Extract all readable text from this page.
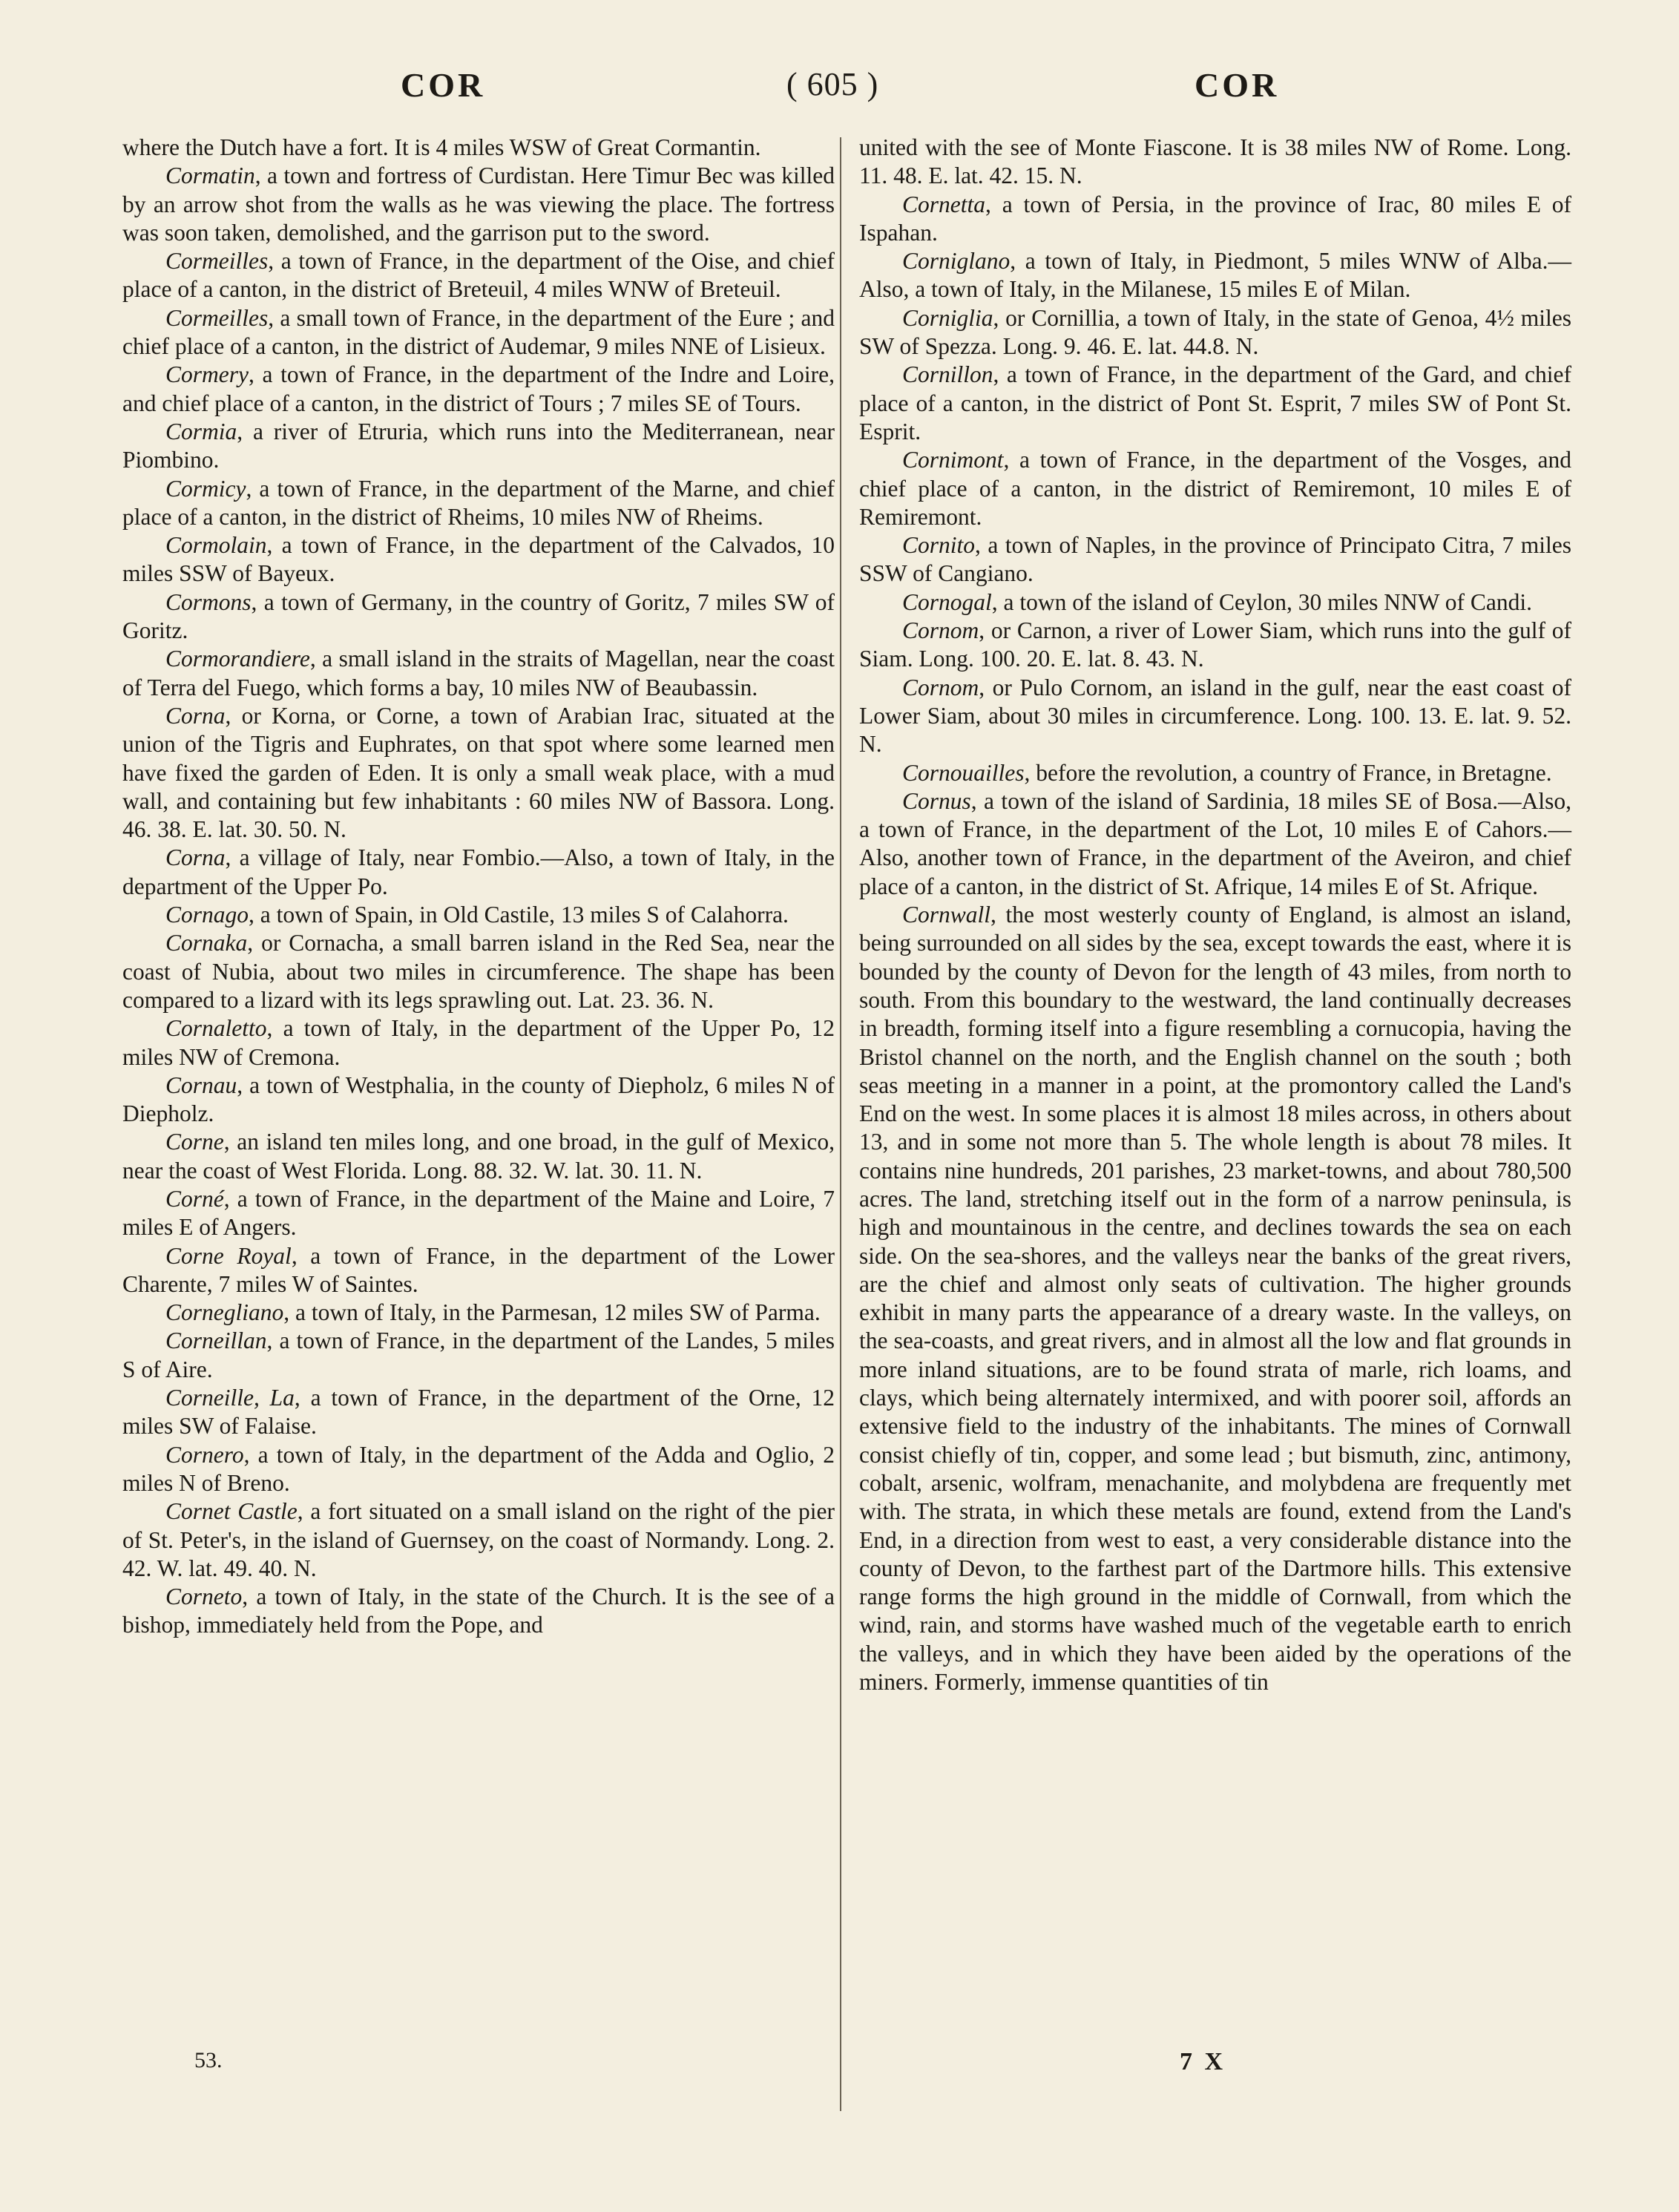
COR	( 605 )	COR

where the Dutch have a fort. It is 4 miles WSW of Great Cormantin.

Cormatin, a town and fortress of Curdistan. Here Timur Bec was killed by an arrow shot from the walls as he was viewing the place. The fortress was soon taken, demolished, and the garrison put to the sword.

Cormeilles, a town of France, in the department of the Oise, and chief place of a canton, in the district of Breteuil, 4 miles WNW of Breteuil.

Cormeilles, a small town of France, in the department of the Eure ; and chief place of a canton, in the district of Audemar, 9 miles NNE of Lisieux.

Cormery, a town of France, in the department of the Indre and Loire, and chief place of a canton, in the district of Tours ; 7 miles SE of Tours.

Cormia, a river of Etruria, which runs into the Mediterranean, near Piombino.

Cormicy, a town of France, in the department of the Marne, and chief place of a canton, in the district of Rheims, 10 miles NW of Rheims.

Cormolain, a town of France, in the department of the Calvados, 10 miles SSW of Bayeux.

Cormons, a town of Germany, in the country of Goritz, 7 miles SW of Goritz.

Cormorandiere, a small island in the straits of Magellan, near the coast of Terra del Fuego, which forms a bay, 10 miles NW of Beaubassin.

Corna, or Korna, or Corne, a town of Arabian Irac, situated at the union of the Tigris and Euphrates, on that spot where some learned men have fixed the garden of Eden. It is only a small weak place, with a mud wall, and containing but few inhabitants : 60 miles NW of Bassora. Long. 46. 38. E. lat. 30. 50. N.

Corna, a village of Italy, near Fombio.—Also, a town of Italy, in the department of the Upper Po.

Cornago, a town of Spain, in Old Castile, 13 miles S of Calahorra.

Cornaka, or Cornacha, a small barren island in the Red Sea, near the coast of Nubia, about two miles in circumference. The shape has been compared to a lizard with its legs sprawling out. Lat. 23. 36. N.

Cornaletto, a town of Italy, in the department of the Upper Po, 12 miles NW of Cremona.

Cornau, a town of Westphalia, in the county of Diepholz, 6 miles N of Diepholz.

Corne, an island ten miles long, and one broad, in the gulf of Mexico, near the coast of West Florida. Long. 88. 32. W. lat. 30. 11. N.

Corné, a town of France, in the department of the Maine and Loire, 7 miles E of Angers.

Corne Royal, a town of France, in the department of the Lower Charente, 7 miles W of Saintes.

Cornegliano, a town of Italy, in the Parmesan, 12 miles SW of Parma.

Corneillan, a town of France, in the department of the Landes, 5 miles S of Aire.

Corneille, La, a town of France, in the department of the Orne, 12 miles SW of Falaise.

Cornero, a town of Italy, in the department of the Adda and Oglio, 2 miles N of Breno.

Cornet Castle, a fort situated on a small island on the right of the pier of St. Peter's, in the island of Guernsey, on the coast of Normandy. Long. 2. 42. W. lat. 49. 40. N.

Corneto, a town of Italy, in the state of the Church. It is the see of a bishop, immediately held from the Pope, and

united with the see of Monte Fiascone. It is 38 miles NW of Rome. Long. 11. 48. E. lat. 42. 15. N.

Cornetta, a town of Persia, in the province of Irac, 80 miles E of Ispahan.

Corniglano, a town of Italy, in Piedmont, 5 miles WNW of Alba.—Also, a town of Italy, in the Milanese, 15 miles E of Milan.

Corniglia, or Cornillia, a town of Italy, in the state of Genoa, 4½ miles SW of Spezza. Long. 9. 46. E. lat. 44.8. N.

Cornillon, a town of France, in the department of the Gard, and chief place of a canton, in the district of Pont St. Esprit, 7 miles SW of Pont St. Esprit.

Cornimont, a town of France, in the department of the Vosges, and chief place of a canton, in the district of Remiremont, 10 miles E of Remiremont.

Cornito, a town of Naples, in the province of Principato Citra, 7 miles SSW of Cangiano.

Cornogal, a town of the island of Ceylon, 30 miles NNW of Candi.

Cornom, or Carnon, a river of Lower Siam, which runs into the gulf of Siam. Long. 100. 20. E. lat. 8. 43. N.

Cornom, or Pulo Cornom, an island in the gulf, near the east coast of Lower Siam, about 30 miles in circumference. Long. 100. 13. E. lat. 9. 52. N.

Cornouailles, before the revolution, a country of France, in Bretagne.

Cornus, a town of the island of Sardinia, 18 miles SE of Bosa.—Also, a town of France, in the department of the Lot, 10 miles E of Cahors.—Also, another town of France, in the department of the Aveiron, and chief place of a canton, in the district of St. Afrique, 14 miles E of St. Afrique.

Cornwall, the most westerly county of England, is almost an island, being surrounded on all sides by the sea, except towards the east, where it is bounded by the county of Devon for the length of 43 miles, from north to south. From this boundary to the westward, the land continually decreases in breadth, forming itself into a figure resembling a cornucopia, having the Bristol channel on the north, and the English channel on the south ; both seas meeting in a manner in a point, at the promontory called the Land's End on the west. In some places it is almost 18 miles across, in others about 13, and in some not more than 5. The whole length is about 78 miles. It contains nine hundreds, 201 parishes, 23 market-towns, and about 780,500 acres. The land, stretching itself out in the form of a narrow peninsula, is high and mountainous in the centre, and declines towards the sea on each side. On the sea-shores, and the valleys near the banks of the great rivers, are the chief and almost only seats of cultivation. The higher grounds exhibit in many parts the appearance of a dreary waste. In the valleys, on the sea-coasts, and great rivers, and in almost all the low and flat grounds in more inland situations, are to be found strata of marle, rich loams, and clays, which being alternately intermixed, and with poorer soil, affords an extensive field to the industry of the inhabitants. The mines of Cornwall consist chiefly of tin, copper, and some lead ; but bismuth, zinc, antimony, cobalt, arsenic, wolfram, menachanite, and molybdena are frequently met with. The strata, in which these metals are found, extend from the Land's End, in a direction from west to east, a very considerable distance into the county of Devon, to the farthest part of the Dartmore hills. This extensive range forms the high ground in the middle of Cornwall, from which the wind, rain, and storms have washed much of the vegetable earth to enrich the valleys, and in which they have been aided by the operations of the miners. Formerly, immense quantities of tin

53.	7 X
